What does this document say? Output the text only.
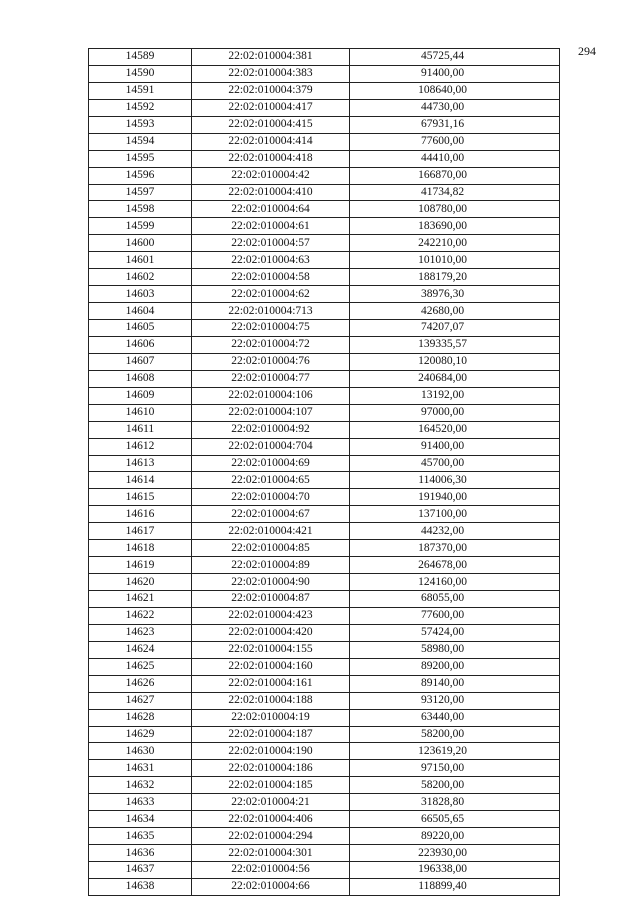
294
14589	22:02:010004:381	45725,44
14590	22:02:010004:383	91400,00
14591	22:02:010004:379	108640,00
14592	22:02:010004:417	44730,00
14593	22:02:010004:415	67931,16
14594	22:02:010004:414	77600,00
14595	22:02:010004:418	44410,00
14596	22:02:010004:42	166870,00
14597	22:02:010004:410	41734,82
14598	22:02:010004:64	108780,00
14599	22:02:010004:61	183690,00
14600	22:02:010004:57	242210,00
14601	22:02:010004:63	101010,00
14602	22:02:010004:58	188179,20
14603	22:02:010004:62	38976,30
14604	22:02:010004:713	42680,00
14605	22:02:010004:75	74207,07
14606	22:02:010004:72	139335,57
14607	22:02:010004:76	120080,10
14608	22:02:010004:77	240684,00
14609	22:02:010004:106	13192,00
14610	22:02:010004:107	97000,00
14611	22:02:010004:92	164520,00
14612	22:02:010004:704	91400,00
14613	22:02:010004:69	45700,00
14614	22:02:010004:65	114006,30
14615	22:02:010004:70	191940,00
14616	22:02:010004:67	137100,00
14617	22:02:010004:421	44232,00
14618	22:02:010004:85	187370,00
14619	22:02:010004:89	264678,00
14620	22:02:010004:90	124160,00
14621	22:02:010004:87	68055,00
14622	22:02:010004:423	77600,00
14623	22:02:010004:420	57424,00
14624	22:02:010004:155	58980,00
14625	22:02:010004:160	89200,00
14626	22:02:010004:161	89140,00
14627	22:02:010004:188	93120,00
14628	22:02:010004:19	63440,00
14629	22:02:010004:187	58200,00
14630	22:02:010004:190	123619,20
14631	22:02:010004:186	97150,00
14632	22:02:010004:185	58200,00
14633	22:02:010004:21	31828,80
14634	22:02:010004:406	66505,65
14635	22:02:010004:294	89220,00
14636	22:02:010004:301	223930,00
14637	22:02:010004:56	196338,00
14638	22:02:010004:66	118899,40
